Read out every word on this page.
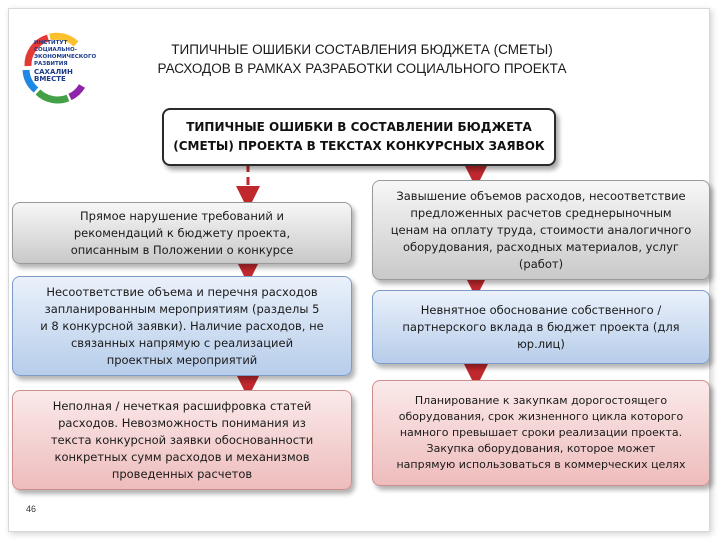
ИНСТИТУТ СОЦИАЛЬНО- ЭКОНОМИЧЕСКОГО РАЗВИТИЯ
САХАЛИН ВМЕСТЕ
ТИПИЧНЫЕ ОШИБКИ СОСТАВЛЕНИЯ БЮДЖЕТА (СМЕТЫ)
РАСХОДОВ В РАМКАХ РАЗРАБОТКИ СОЦИАЛЬНОГО ПРОЕКТА
ТИПИЧНЫЕ ОШИБКИ В СОСТАВЛЕНИИ БЮДЖЕТА
(СМЕТЫ) ПРОЕКТА В ТЕКСТАХ КОНКУРСНЫХ ЗАЯВОК
Прямое нарушение требований и
рекомендаций к бюджету проекта,
описанным в Положении о конкурсе
Несоответствие объема и перечня расходов
запланированным мероприятиям (разделы 5
и 8 конкурсной заявки). Наличие расходов, не
связанных напрямую с реализацией
проектных мероприятий
Неполная / нечеткая расшифровка статей
расходов. Невозможность понимания из
текста конкурсной заявки обоснованности
конкретных сумм расходов и механизмов
проведенных расчетов
Завышение объемов расходов, несоответствие
предложенных расчетов среднерыночным
ценам на оплату труда, стоимости аналогичного
оборудования, расходных материалов, услуг
(работ)
Невнятное обоснование собственного /
партнерского вклада в бюджет проекта (для
юр.лиц)
Планирование к закупкам дорогостоящего
оборудования, срок жизненного цикла которого
намного превышает сроки реализации проекта.
Закупка оборудования, которое может
напрямую использоваться в коммерческих целях
46
